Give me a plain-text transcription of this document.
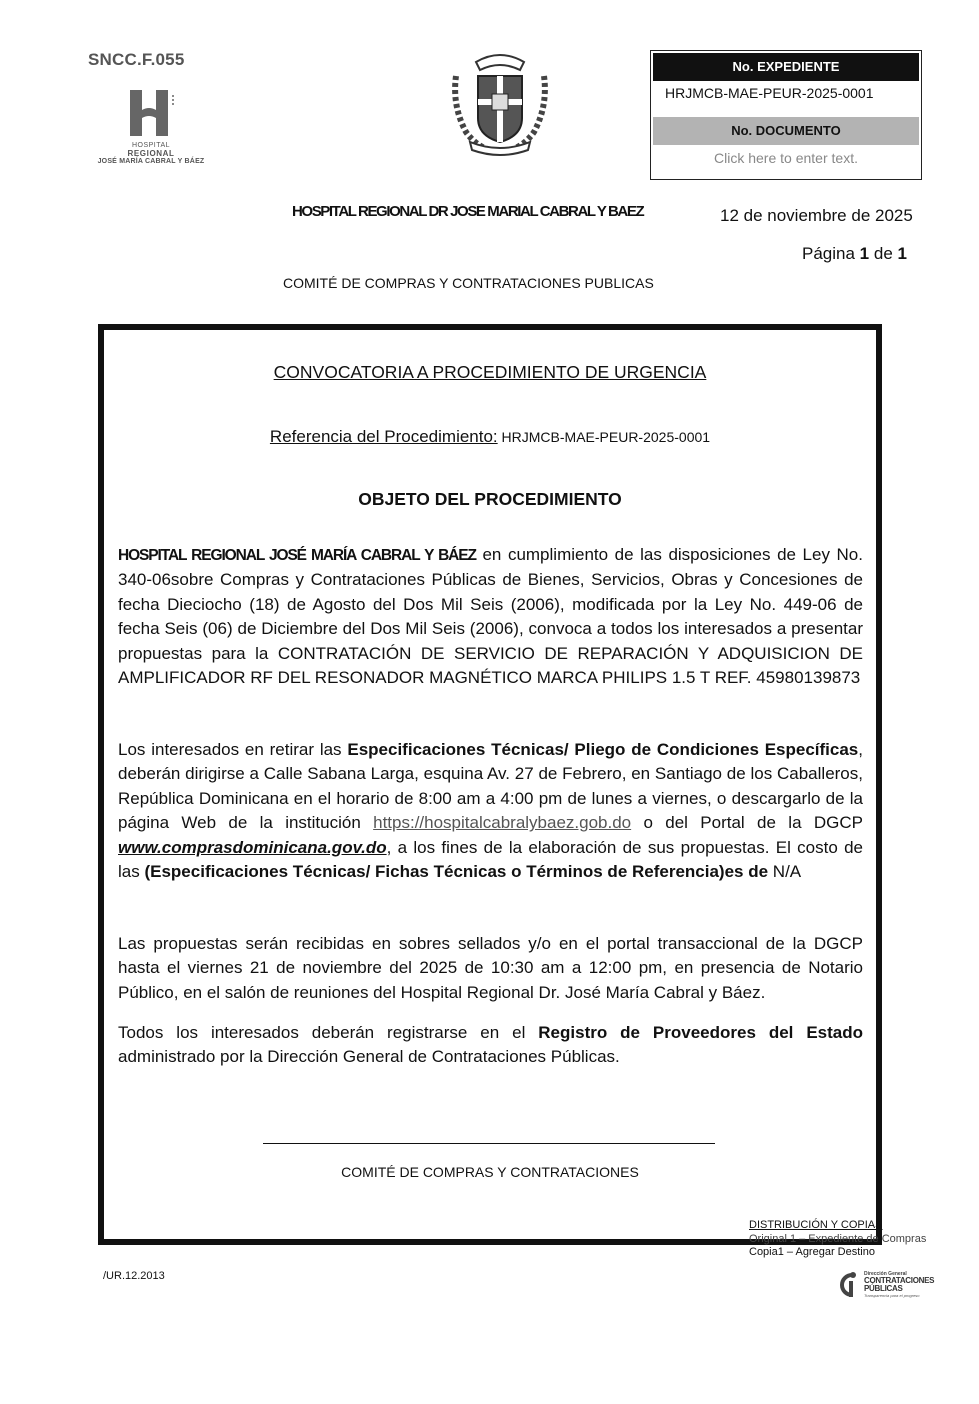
SNCC.F.055
HOSPITAL
REGIONAL
JOSÉ MARÍA CABRAL Y BÁEZ
No. EXPEDIENTE
HRJMCB-MAE-PEUR-2025-0001
No. DOCUMENTO
Click here to enter text.
HOSPITAL REGIONAL DR JOSE MARIAL CABRAL Y BAEZ	12 de noviembre de 2025
Página 1 de 1
COMITÉ DE COMPRAS Y CONTRATACIONES PUBLICAS
CONVOCATORIA A PROCEDIMIENTO DE URGENCIA
Referencia del Procedimiento: HRJMCB-MAE-PEUR-2025-0001
OBJETO DEL PROCEDIMIENTO
HOSPITAL REGIONAL JOSÉ MARÍA CABRAL Y BÁEZ en cumplimiento de las disposiciones de Ley No. 340-06sobre Compras y Contrataciones Públicas de Bienes, Servicios, Obras y Concesiones de fecha Dieciocho (18) de Agosto del Dos Mil Seis (2006), modificada por la Ley No. 449-06 de fecha Seis (06) de Diciembre del Dos Mil Seis (2006), convoca a todos los interesados a presentar propuestas para la CONTRATACIÓN DE SERVICIO DE REPARACIÓN Y ADQUISICION DE AMPLIFICADOR RF DEL RESONADOR MAGNÉTICO MARCA PHILIPS 1.5 T REF. 45980139873
Los interesados en retirar las Especificaciones Técnicas/ Pliego de Condiciones Específicas, deberán dirigirse a Calle Sabana Larga, esquina Av. 27 de Febrero, en Santiago de los Caballeros, República Dominicana en el horario de 8:00 am a 4:00 pm de lunes a viernes, o descargarlo de la página Web de la institución https://hospitalcabralybaez.gob.do o del Portal de la DGCP www.comprasdominicana.gov.do, a los fines de la elaboración de sus propuestas. El costo de las (Especificaciones Técnicas/ Fichas Técnicas o Términos de Referencia)es de N/A
Las propuestas serán recibidas en sobres sellados y/o en el portal transaccional de la DGCP hasta el viernes 21 de noviembre del 2025 de 10:30 am a 12:00 pm, en presencia de Notario Público, en el salón de reuniones del Hospital Regional Dr. José María Cabral y Báez.
Todos los interesados deberán registrarse en el Registro de Proveedores del Estado administrado por la Dirección General de Contrataciones Públicas.
COMITÉ DE COMPRAS Y CONTRATACIONES
DISTRIBUCIÓN Y COPIAS
Original 1 – Expediente de Compras
Copia1 – Agregar Destino
/UR.12.2013	Dirección General
CONTRATACIONES PÚBLICAS
Transparencia para el progreso
